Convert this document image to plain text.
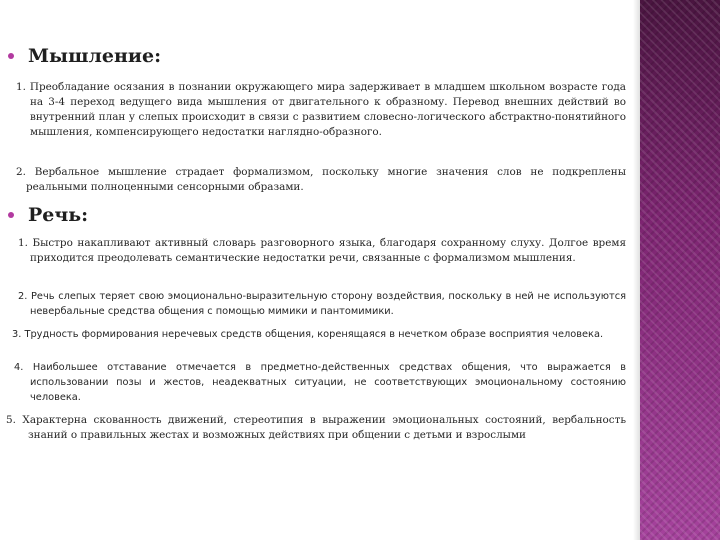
Мышление:

1. Преобладание осязания в познании окружающего мира задерживает в младшем школьном возрасте года на 3-4 переход ведущего вида мышления от двигательного к образному. Перевод внешних действий во внутренний план у слепых происходит в связи с развитием словесно-логического абстрактно-понятийного мышления, компенсирующего недостатки наглядно-образного.

2. Вербальное мышление страдает формализмом, поскольку многие значения слов не подкреплены реальными полноценными сенсорными образами.

Речь:

1. Быстро накапливают активный словарь разговорного языка, благодаря сохранному слуху. Долгое время приходится преодолевать семантические недостатки речи, связанные с формализмом мышления.

2. Речь слепых теряет свою эмоционально-выразительную сторону воздействия, поскольку в ней не используются невербальные средства общения с помощью мимики и пантомимики.

3. Трудность формирования неречевых средств общения, коренящаяся в нечетком образе восприятия человека.

4. Наибольшее отставание отмечается в предметно-действенных средствах общения, что выражается в использовании позы и жестов, неадекватных ситуации, не соответствующих эмоциональному состоянию человека.

5. Характерна скованность движений, стереотипия в выражении эмоциональных состояний, вербальность знаний о правильных жестах и возможных действиях при общении с детьми и взрослыми
